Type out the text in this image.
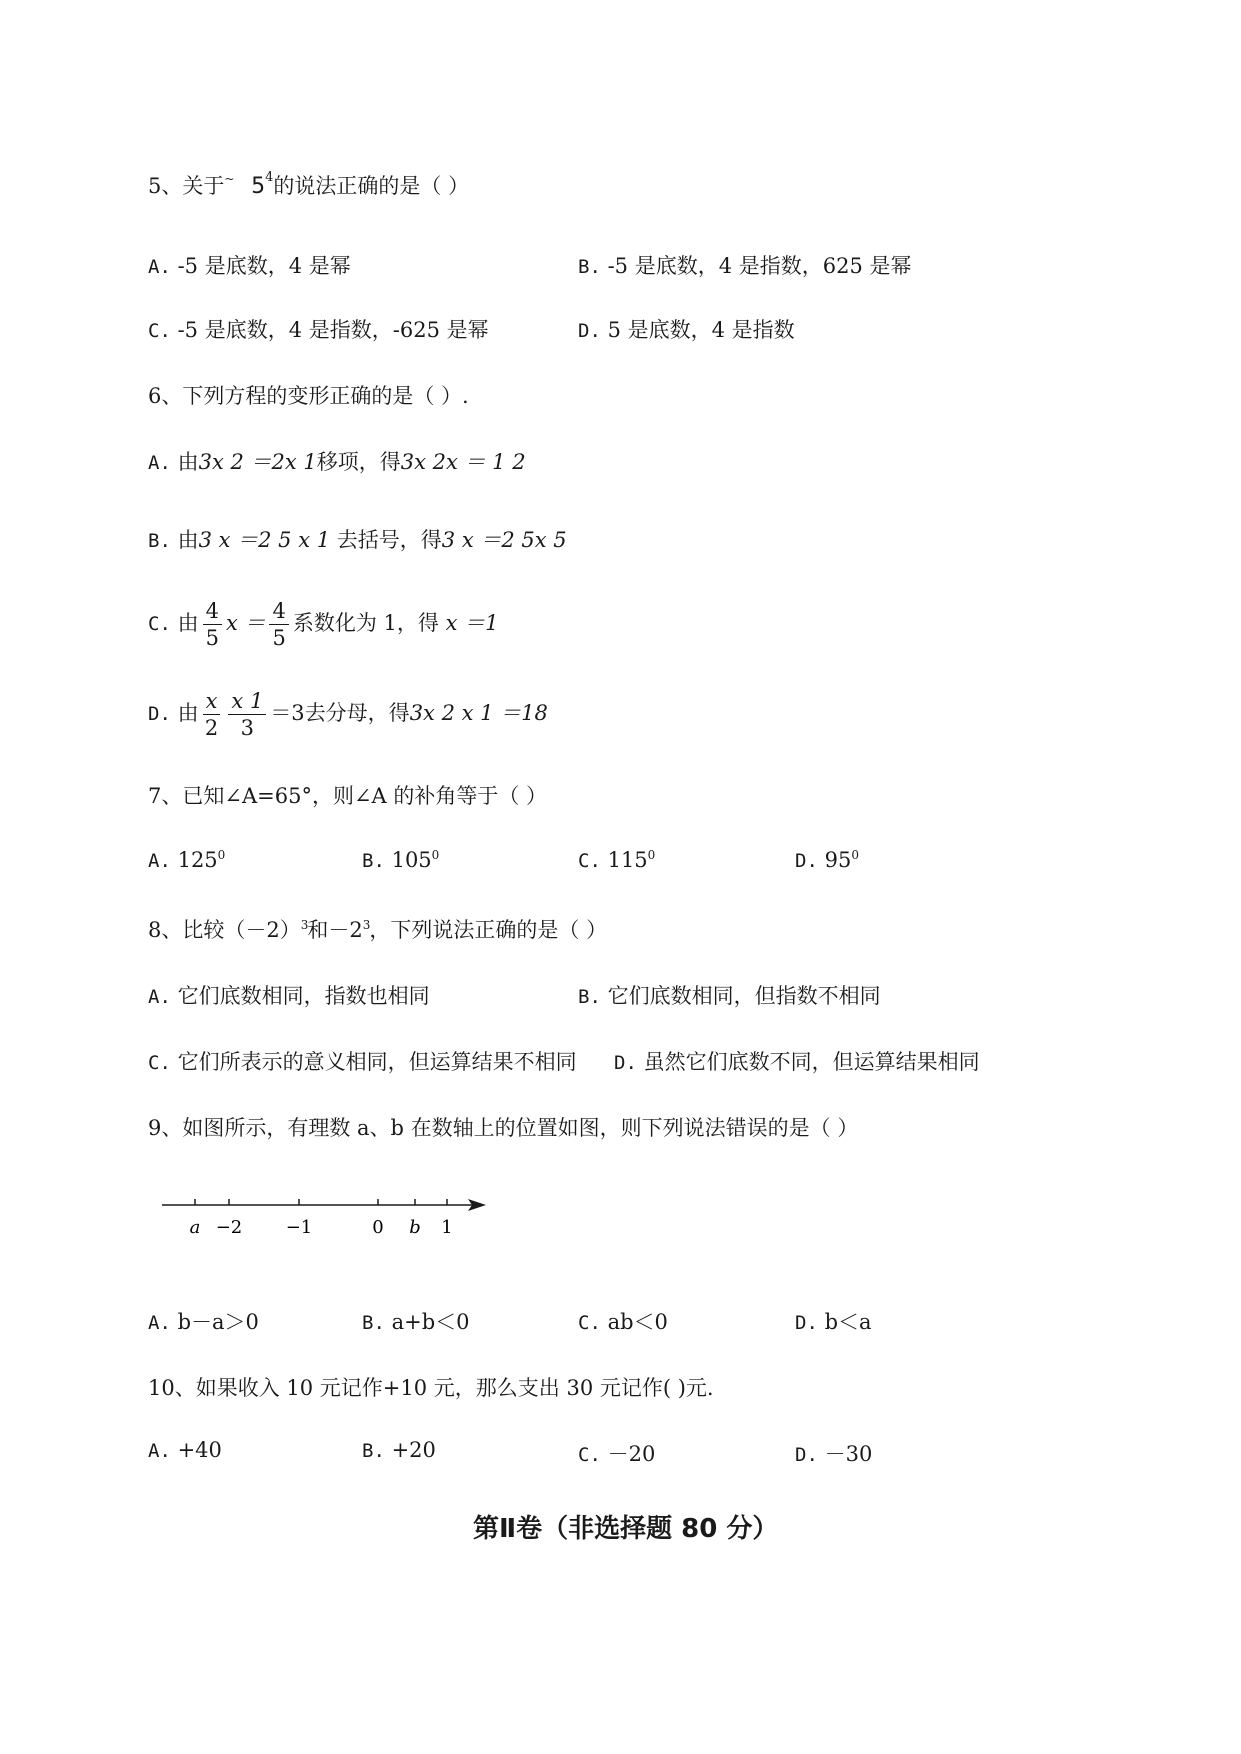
5、关于~ $5^4$的说法正确的是（ ）
A. -5 是底数，4 是幂	B. -5 是底数，4 是指数，625 是幂
C. -5 是底数，4 是指数，-625 是幂	D. 5 是底数，4 是指数
6、下列方程的变形正确的是（ ）.
A. 由3x 2 ＝2x 1移项，得3x 2x ＝ 1 2
B. 由3 x ＝2 5 x 1 去括号，得3 x ＝2 5x 5
C. 由 $\frac{4}{5}$ $x = \frac{4}{5}$ 系数化为 1，得 x ＝1
D. 由 $\frac{x}{2} \frac{x 1}{3} =3$去分母，得3x 2 x 1 ＝18
7、已知∠A=65°，则∠A 的补角等于（ ）
A. $125^0$	B. $105^0$	C. $115^0$	D. $95^0$
8、比较$(-2)^3$和$-2^3$，下列说法正确的是（ ）
A. 它们底数相同，指数也相同	B. 它们底数相同，但指数不相同
C. 它们所表示的意义相同，但运算结果不相同 D. 虽然它们底数不同，但运算结果相同
9、如图所示，有理数 a、b 在数轴上的位置如图，则下列说法错误的是（ ）
a −2 −1	0 b 1
A. b－a＞0	B. a+b＜0	C. ab＜0	D. b＜a
10、如果收入 10 元记作+10 元，那么支出 30 元记作( )元.
A. +40	B. +20	C. －20	D. －30
第Ⅱ卷（非选择题 80 分）
